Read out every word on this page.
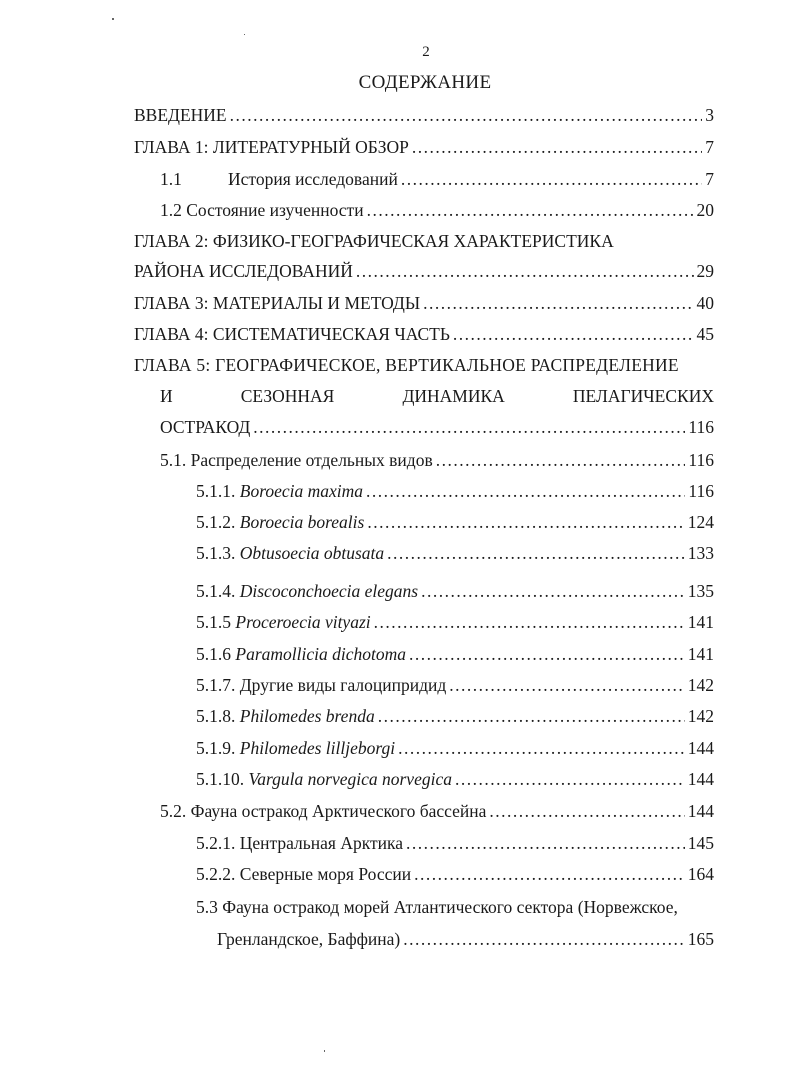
2
СОДЕРЖАНИЕ
ВВЕДЕНИЕ .....	3
ГЛАВА 1: ЛИТЕРАТУРНЫЙ ОБЗОР .....	7
1.1	История исследований .....	7
1.2 Состояние изученности .....	20
ГЛАВА 2: ФИЗИКО-ГЕОГРАФИЧЕСКАЯ ХАРАКТЕРИСТИКА
РАЙОНА ИССЛЕДОВАНИЙ .....	29
ГЛАВА 3: МАТЕРИАЛЫ И МЕТОДЫ .....	40
ГЛАВА 4: СИСТЕМАТИЧЕСКАЯ ЧАСТЬ .....	45
ГЛАВА 5: ГЕОГРАФИЧЕСКОЕ, ВЕРТИКАЛЬНОЕ РАСПРЕДЕЛЕНИЕ
И	СЕЗОННАЯ	ДИНАМИКА	ПЕЛАГИЧЕСКИХ
ОСТРАКОД .....	116
5.1. Распределение отдельных видов .....	116
5.1.1. Boroecia maxima .....	116
5.1.2. Boroecia borealis .....	124
5.1.3. Obtusoecia obtusata .....	133
5.1.4. Discoconchoecia elegans .....	135
5.1.5 Proceroecia vityazi .....	141
5.1.6 Paramollicia dichotoma .....	141
5.1.7. Другие виды галоципридид .....	142
5.1.8. Philomedes brenda .....	142
5.1.9. Philomedes lilljeborgi .....	144
5.1.10. Vargula norvegica norvegica .....	144
5.2. Фауна остракод Арктического бассейна .....	144
5.2.1. Центральная Арктика .....	145
5.2.2. Северные моря России .....	164
5.3 Фауна остракод морей Атлантического сектора (Норвежское,
Гренландское, Баффина) .....	165
